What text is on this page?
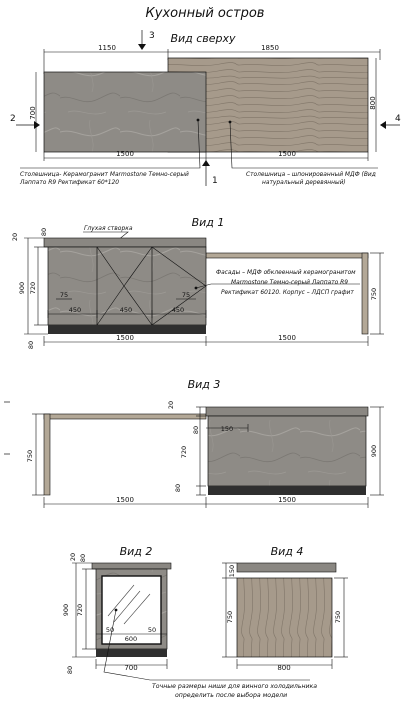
Кухонный остров
Вид сверху
3
1150	1850
700
800
2	4
1500	1500
1
Столешница- Керамогранит Marmostone Темно-серый
Лаппато R9 Ректификат 60*120
Столешница – шпонированный МДФ (Вид
натуральный деревянный)
Вид 1
Глухая створка
75	75
450	450	450
20
80
900 720
80
750
Фасады – МДФ обклеенный керамогранитом
Marmostone Темно-серый Лаппато R9
Ректификат 60120. Корпус – ЛДСП графит
1500	1500
Вид 3
150
20
80
720
80
750	900
1500	1500
Вид 2
50	50
600
20 80
900 720
80	700
Вид 4
150
750	750
800
Точные размеры ниши для винного холодильника
определить после выбора модели
